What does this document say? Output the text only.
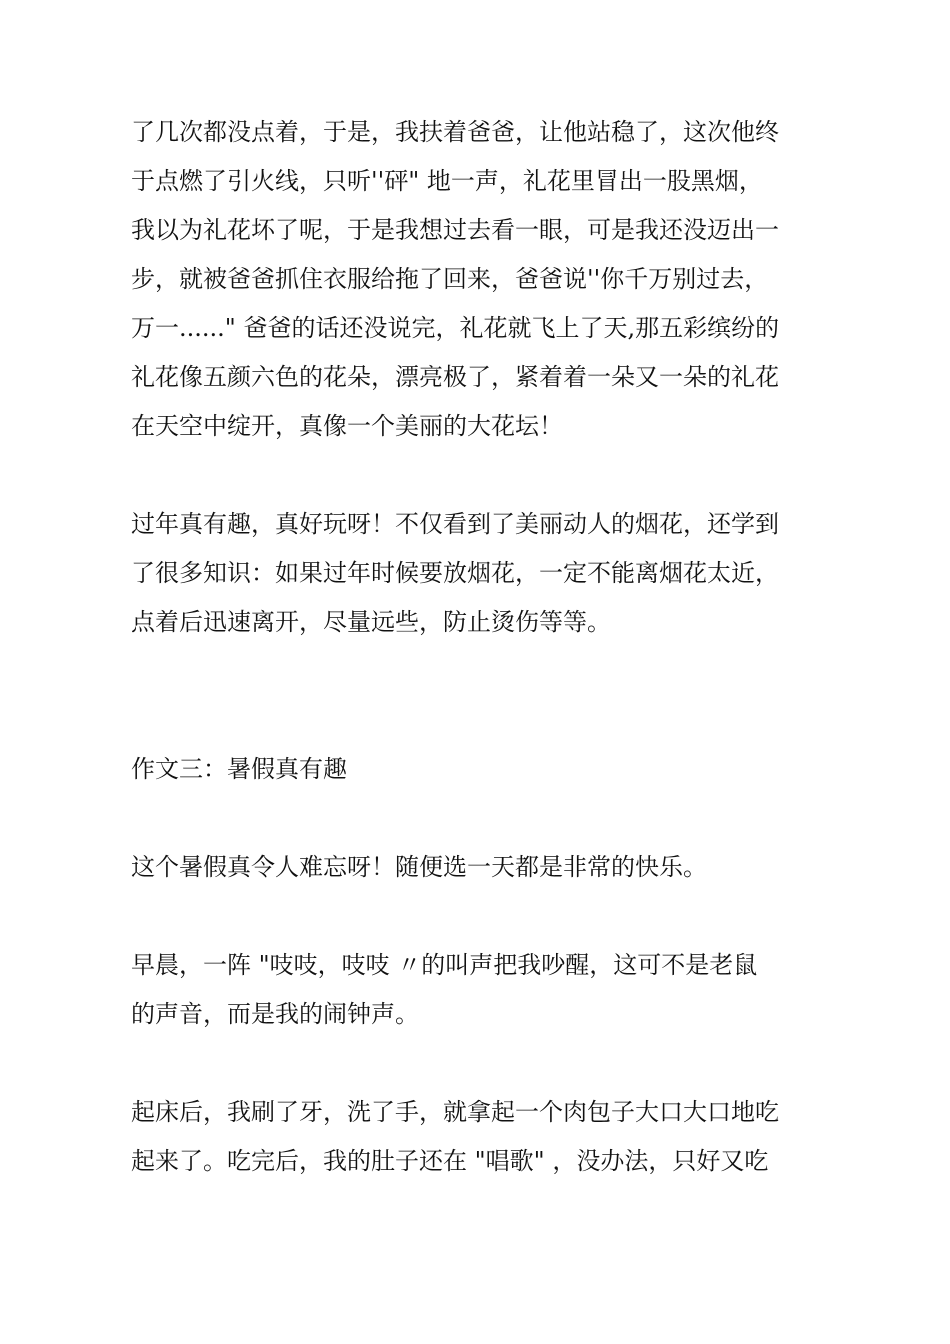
了几次都没点着，于是，我扶着爸爸，让他站稳了，这次他终
于点燃了引火线，只听''砰" 地一声，礼花里冒出一股黑烟，
我以为礼花坏了呢，于是我想过去看一眼，可是我还没迈出一
步，就被爸爸抓住衣服给拖了回来，爸爸说''你千万别过去，
万一......" 爸爸的话还没说完，礼花就飞上了天,那五彩缤纷的
礼花像五颜六色的花朵，漂亮极了，紧着着一朵又一朵的礼花
在天空中绽开，真像一个美丽的大花坛！
过年真有趣，真好玩呀！不仅看到了美丽动人的烟花，还学到
了很多知识：如果过年时候要放烟花，一定不能离烟花太近，
点着后迅速离开，尽量远些，防止烫伤等等。
作文三：暑假真有趣
这个暑假真令人难忘呀！随便选一天都是非常的快乐。
早晨，一阵 "吱吱，吱吱 〃的叫声把我吵醒，这可不是老鼠
的声音，而是我的闹钟声。
起床后，我刷了牙，洗了手，就拿起一个肉包子大口大口地吃
起来了。吃完后，我的肚子还在 "唱歌" ，没办法，只好又吃
